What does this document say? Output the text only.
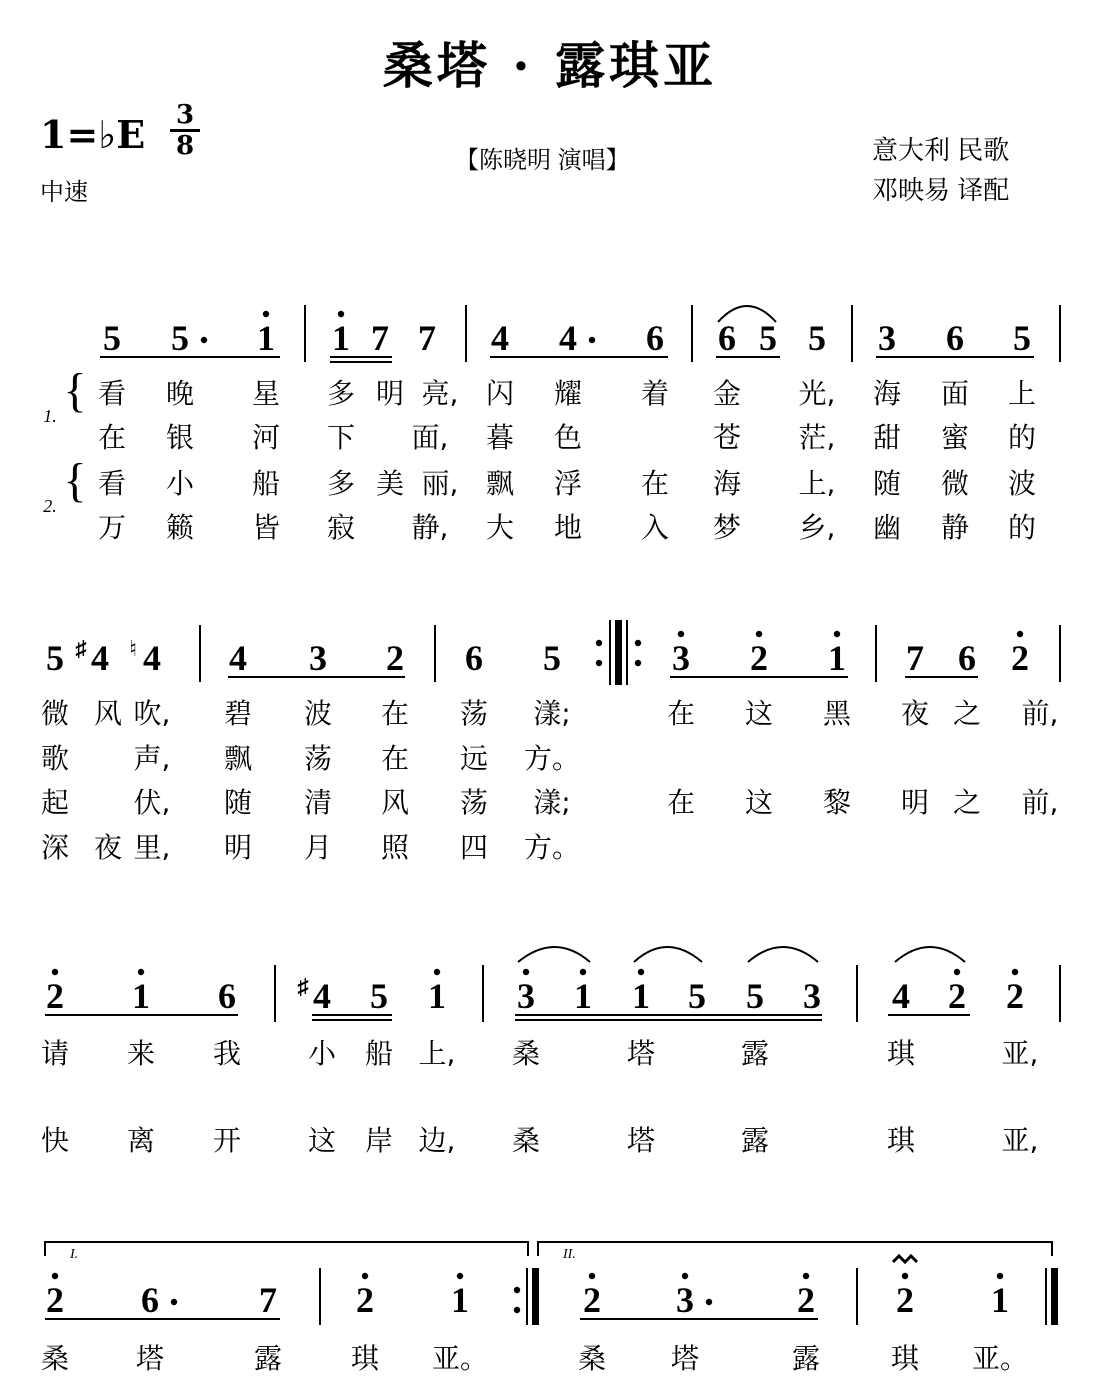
桑塔 · 露琪亚
1=♭E 3
8
中速
【陈晓明 演唱】	意大利 民歌
邓映易 译配
5 5 1 1 7 7 4 4 6 6 5 5 3 6 5
{
{
1.
2.
看 晚 星 多 明 亮, 闪 耀 着 金 光, 海 面 上
在 银 河 下 面, 暮 色	苍 茫, 甜 蜜 的
看 小 船 多 美 丽, 飘 浮 在 海 上, 随 微 波
万 籁 皆 寂 静, 大 地 入 梦 乡, 幽 静 的
5 4
♯ 4
♮	4 3 2 6 5	3 2 1 7 6 2
微 风 吹, 碧 波 在 荡 漾;	在 这 黑 夜 之 前,
歌 声, 飘 荡 在 远 方。
起 伏, 随 清 风 荡 漾;	在 这 黎 明 之 前,
深 夜 里, 明 月 照 四 方。
2 1 6 4
♯ 5 1 3 1 1 5 5 3 4 2 2
请 来 我 小 船 上, 桑	塔	露	琪	亚,
快 离 开 这 岸 边, 桑	塔	露	琪	亚,
2 6	7 2 1	2 3	2 2 1
I.	II.
桑 塔	露 琪 亚。	桑 塔	露	琪 亚。
